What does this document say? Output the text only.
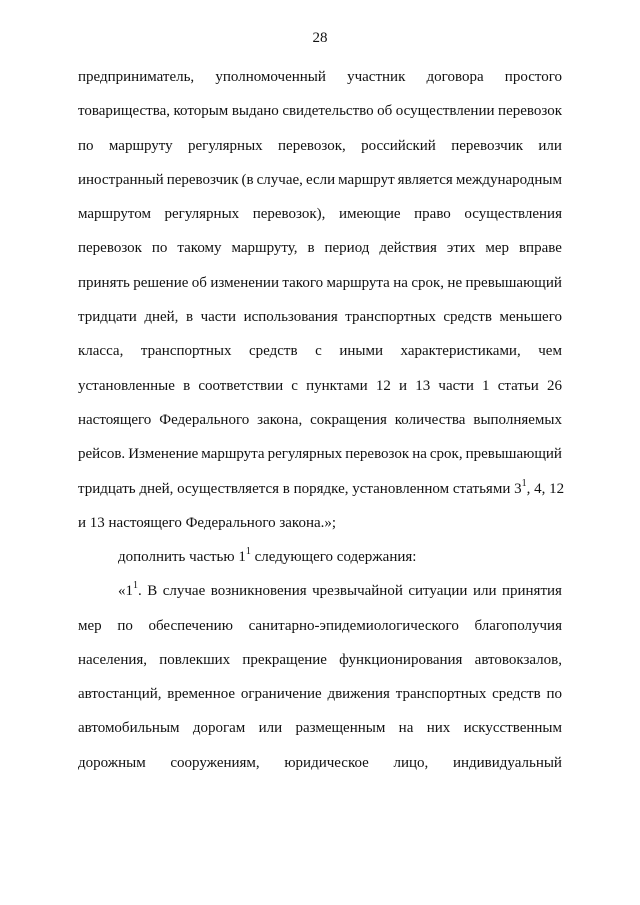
28
предприниматель, уполномоченный участник договора простого
товарищества, которым выдано свидетельство об осуществлении перевозок
по маршруту регулярных перевозок, российский перевозчик или
иностранный перевозчик (в случае, если маршрут является международным
маршрутом регулярных перевозок), имеющие право осуществления
перевозок по такому маршруту, в период действия этих мер вправе
принять решение об изменении такого маршрута на срок, не превышающий
тридцати дней, в части использования транспортных средств меньшего
класса, транспортных средств с иными характеристиками, чем
установленные в соответствии с пунктами 12 и 13 части 1 статьи 26
настоящего Федерального закона, сокращения количества выполняемых
рейсов. Изменение маршрута регулярных перевозок на срок, превышающий
тридцать дней, осуществляется в порядке, установленном статьями $3^1$, 4, 12
и 13 настоящего Федерального закона.»;
дополнить частью $1^1$ следующего содержания:
«$1^1$. В случае возникновения чрезвычайной ситуации или принятия
мер по обеспечению санитарно-эпидемиологического благополучия
населения, повлекших прекращение функционирования автовокзалов,
автостанций, временное ограничение движения транспортных средств по
автомобильным дорогам или размещенным на них искусственным
дорожным сооружениям, юридическое лицо, индивидуальный
